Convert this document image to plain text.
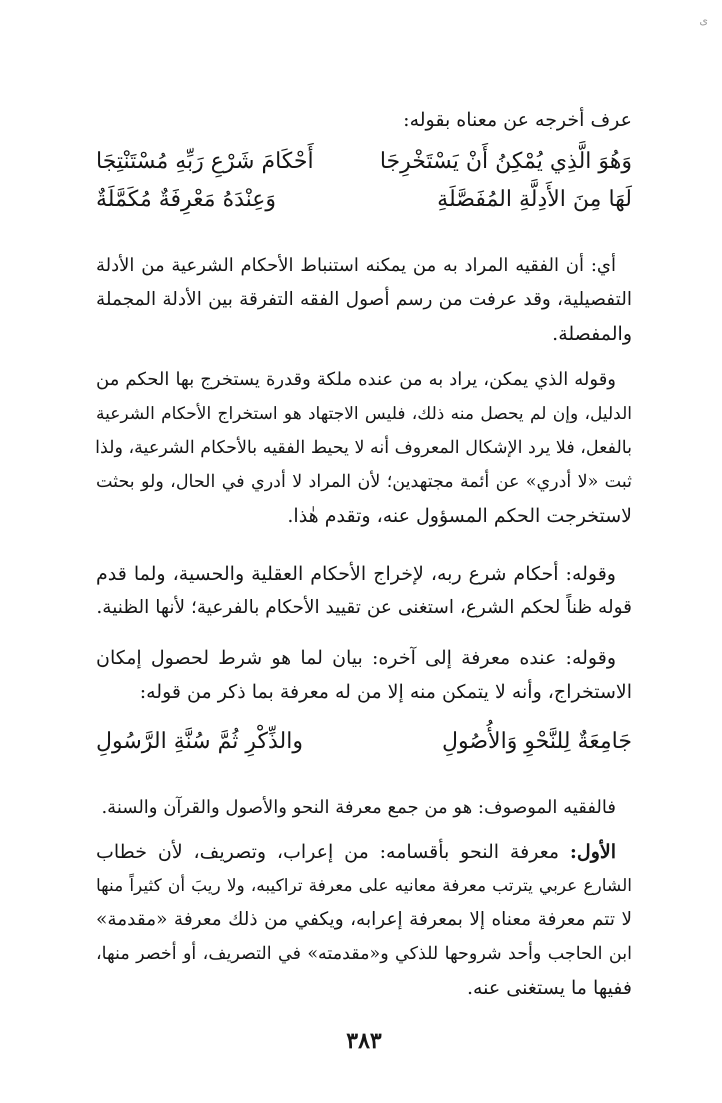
ی
عرف أخرجه عن معناه بقوله:
وَهُوَ الَّذِي يُمْكِنُ أَنْ يَسْتَخْرِجَا
أَحْكَامَ شَرْعِ رَبِّهِ مُسْتَنْتِجَا
لَهَا مِنَ الأَدِلَّةِ المُفَصَّلَةِ
وَعِنْدَهُ مَعْرِفَةٌ مُكَمَّلَةٌ
أي: أن الفقيه المراد به من يمكنه استنباط الأحكام الشرعية من الأدلة
التفصيلية، وقد عرفت من رسم أصول الفقه التفرقة بين الأدلة المجملة
والمفصلة.
وقوله الذي يمكن، يراد به من عنده ملكة وقدرة يستخرج بها الحكم من
الدليل، وإن لم يحصل منه ذلك، فليس الاجتهاد هو استخراج الأحكام الشرعية
بالفعل، فلا يرد الإشكال المعروف أنه لا يحيط الفقيه بالأحكام الشرعية، ولذا
ثبت «لا أدري» عن أئمة مجتهدين؛ لأن المراد لا أدري في الحال، ولو بحثت
لاستخرجت الحكم المسؤول عنه، وتقدم هٰذا.
وقوله: أحكام شرع ربه، لإخراج الأحكام العقلية والحسية، ولما قدم
قوله ظناً لحكم الشرع، استغنى عن تقييد الأحكام بالفرعية؛ لأنها الظنية.
وقوله: عنده معرفة إلى آخره: بيان لما هو شرط لحصول إمكان
الاستخراج، وأنه لا يتمكن منه إلا من له معرفة بما ذكر من قوله:
جَامِعَةٌ لِلنَّحْوِ وَالأُصُولِ
والذِّكْرِ ثُمَّ سُنَّةِ الرَّسُولِ
فالفقيه الموصوف: هو من جمع معرفة النحو والأصول والقرآن والسنة.
الأول: معرفة النحو بأقسامه: من إعراب، وتصريف، لأن خطاب
الشارع عربي يترتب معرفة معانيه على معرفة تراكيبه، ولا ريبَ أن كثيراً منها
لا تتم معرفة معناه إلا بمعرفة إعرابه، ويكفي من ذلك معرفة «مقدمة»
ابن الحاجب وأحد شروحها للذكي و«مقدمته» في التصريف، أو أخصر منها،
ففيها ما يستغنى عنه.
٣٨٣
